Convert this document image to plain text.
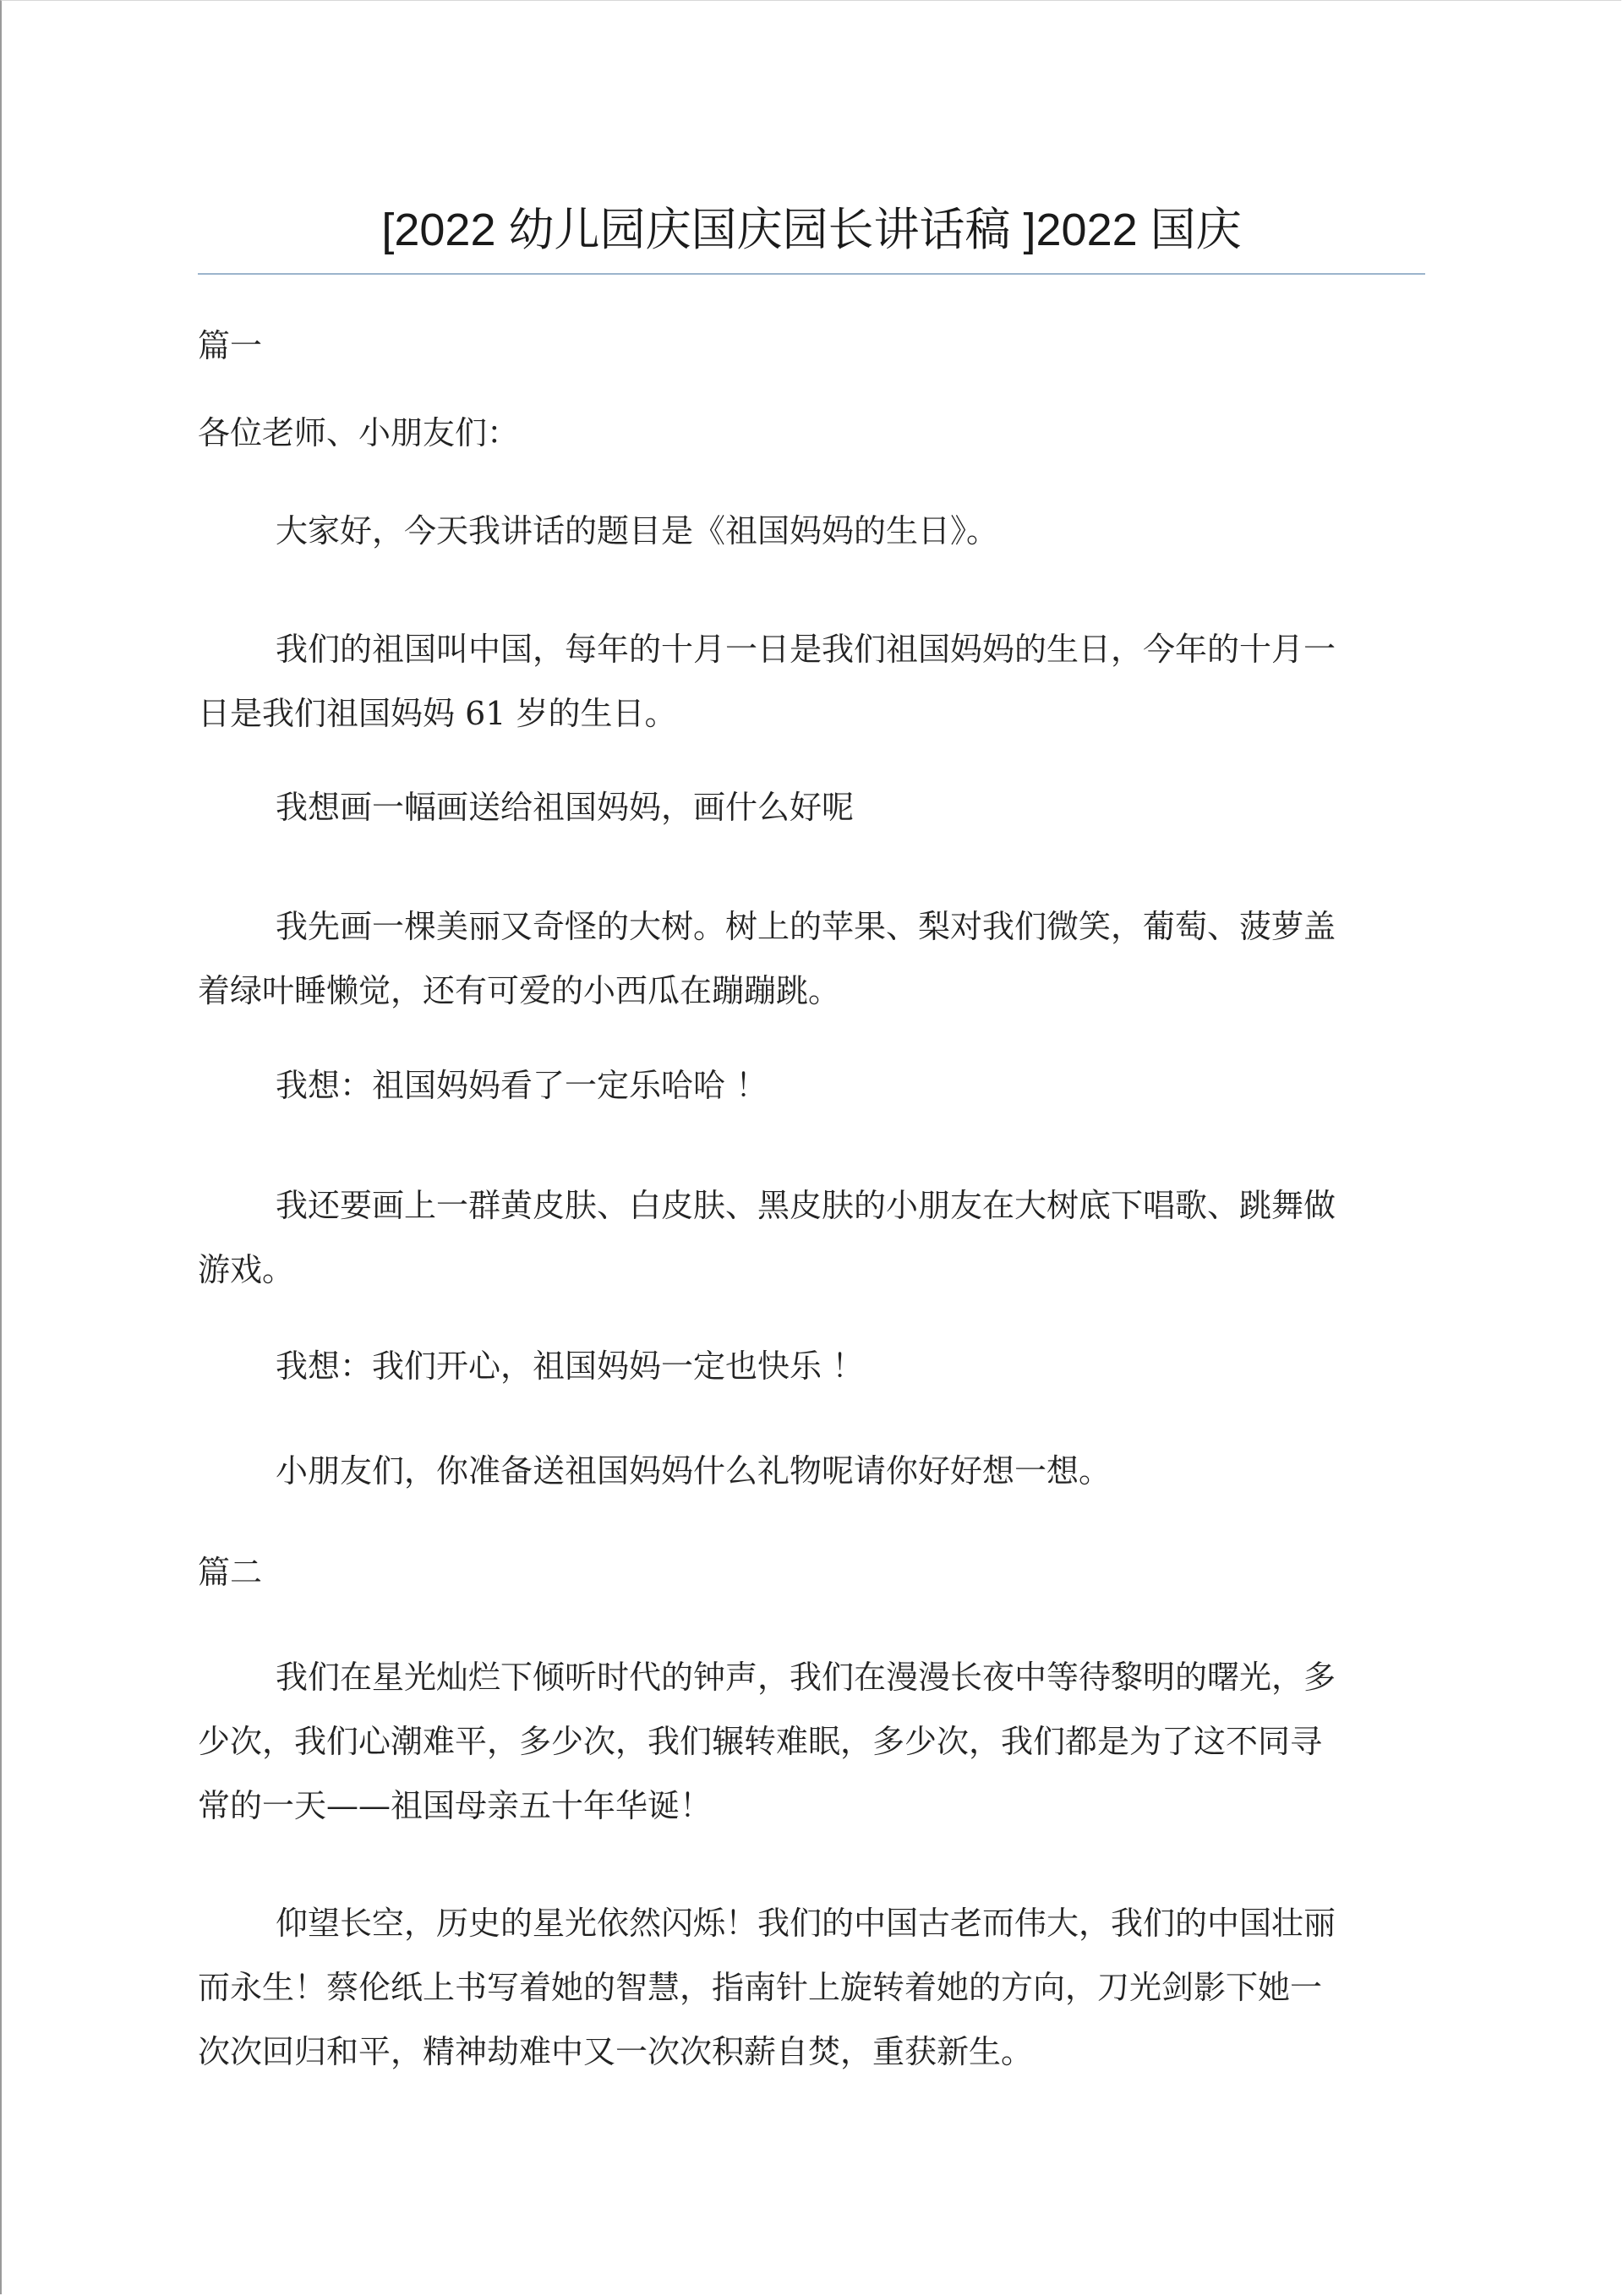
[2022 幼儿园庆国庆园长讲话稿 ]2022 国庆

篇一

各位老师、小朋友们：

大家好，今天我讲话的题目是《祖国妈妈的生日》。

我们的祖国叫中国，每年的十月一日是我们祖国妈妈的生日，今年的十月一日是我们祖国妈妈 61 岁的生日。

我想画一幅画送给祖国妈妈，画什么好呢

我先画一棵美丽又奇怪的大树。树上的苹果、梨对我们微笑，葡萄、菠萝盖着绿叶睡懒觉，还有可爱的小西瓜在蹦蹦跳。

我想：祖国妈妈看了一定乐哈哈 ！

我还要画上一群黄皮肤、白皮肤、黑皮肤的小朋友在大树底下唱歌、跳舞做游戏。

我想：我们开心，祖国妈妈一定也快乐 ！

小朋友们，你准备送祖国妈妈什么礼物呢请你好好想一想。

篇二

我们在星光灿烂下倾听时代的钟声，我们在漫漫长夜中等待黎明的曙光，多少次，我们心潮难平，多少次，我们辗转难眠，多少次，我们都是为了这不同寻常的一天——祖国母亲五十年华诞！

仰望长空，历史的星光依然闪烁！我们的中国古老而伟大，我们的中国壮丽而永生！蔡伦纸上书写着她的智慧，指南针上旋转着她的方向，刀光剑影下她一次次回归和平，精神劫难中又一次次积薪自焚，重获新生。
